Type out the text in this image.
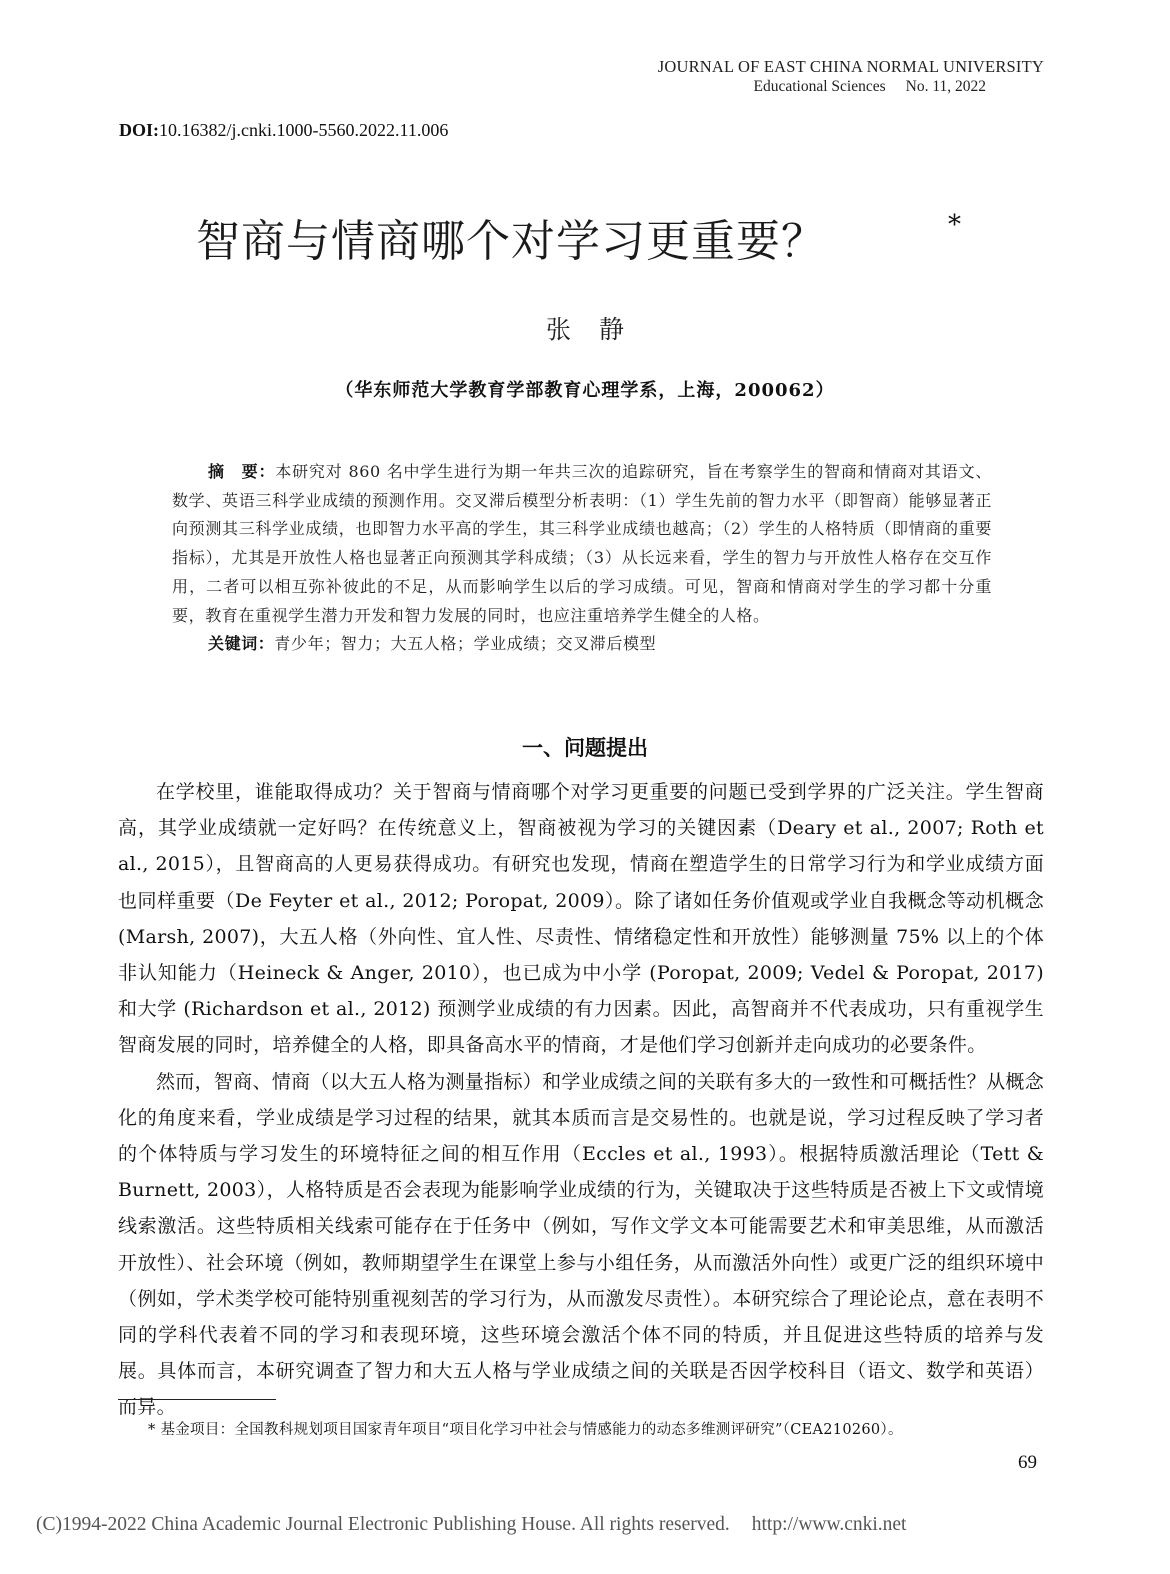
JOURNAL OF EAST CHINA NORMAL UNIVERSITY
Educational Sciences No. 11, 2022
DOI:10.16382/j.cnki.1000-5560.2022.11.006
智商与情商哪个对学习更重要？	*
张静
（华东师范大学教育学部教育心理学系，上海，200062）

摘　要：本研究对 860 名中学生进行为期一年共三次的追踪研究，旨在考察学生的智商和情商对其语文、数学、英语三科学业成绩的预测作用。交叉滞后模型分析表明：（1）学生先前的智力水平（即智商）能够显著正向预测其三科学业成绩，也即智力水平高的学生，其三科学业成绩也越高；（2）学生的人格特质（即情商的重要指标），尤其是开放性人格也显著正向预测其学科成绩；（3）从长远来看，学生的智力与开放性人格存在交互作用，二者可以相互弥补彼此的不足，从而影响学生以后的学习成绩。可见，智商和情商对学生的学习都十分重要，教育在重视学生潜力开发和智力发展的同时，也应注重培养学生健全的人格。

关键词：青少年；智力；大五人格；学业成绩；交叉滞后模型

一、问题提出

在学校里，谁能取得成功？关于智商与情商哪个对学习更重要的问题已受到学界的广泛关注。学生智商高，其学业成绩就一定好吗？在传统意义上，智商被视为学习的关键因素（Deary et al., 2007; Roth et al., 2015），且智商高的人更易获得成功。有研究也发现，情商在塑造学生的日常学习行为和学业成绩方面也同样重要（De Feyter et al., 2012; Poropat, 2009）。除了诸如任务价值观或学业自我概念等动机概念 (Marsh, 2007)，大五人格（外向性、宜人性、尽责性、情绪稳定性和开放性）能够测量 75% 以上的个体非认知能力（Heineck & Anger, 2010），也已成为中小学 (Poropat, 2009; Vedel & Poropat, 2017) 和大学 (Richardson et al., 2012) 预测学业成绩的有力因素。因此，高智商并不代表成功，只有重视学生智商发展的同时，培养健全的人格，即具备高水平的情商，才是他们学习创新并走向成功的必要条件。

然而，智商、情商（以大五人格为测量指标）和学业成绩之间的关联有多大的一致性和可概括性？从概念化的角度来看，学业成绩是学习过程的结果，就其本质而言是交易性的。也就是说，学习过程反映了学习者的个体特质与学习发生的环境特征之间的相互作用（Eccles et al., 1993）。根据特质激活理论（Tett & Burnett, 2003），人格特质是否会表现为能影响学业成绩的行为，关键取决于这些特质是否被上下文或情境线索激活。这些特质相关线索可能存在于任务中（例如，写作文学文本可能需要艺术和审美思维，从而激活开放性）、社会环境（例如，教师期望学生在课堂上参与小组任务，从而激活外向性）或更广泛的组织环境中（例如，学术类学校可能特别重视刻苦的学习行为，从而激发尽责性）。本研究综合了理论论点，意在表明不同的学科代表着不同的学习和表现环境，这些环境会激活个体不同的特质，并且促进这些特质的培养与发展。具体而言，本研究调查了智力和大五人格与学业成绩之间的关联是否因学校科目（语文、数学和英语）而异。

* 基金项目：全国教科规划项目国家青年项目“项目化学习中社会与情感能力的动态多维测评研究”（CEA210260）。
69
(C)1994-2022 China Academic Journal Electronic Publishing House. All rights reserved. http://www.cnki.net
